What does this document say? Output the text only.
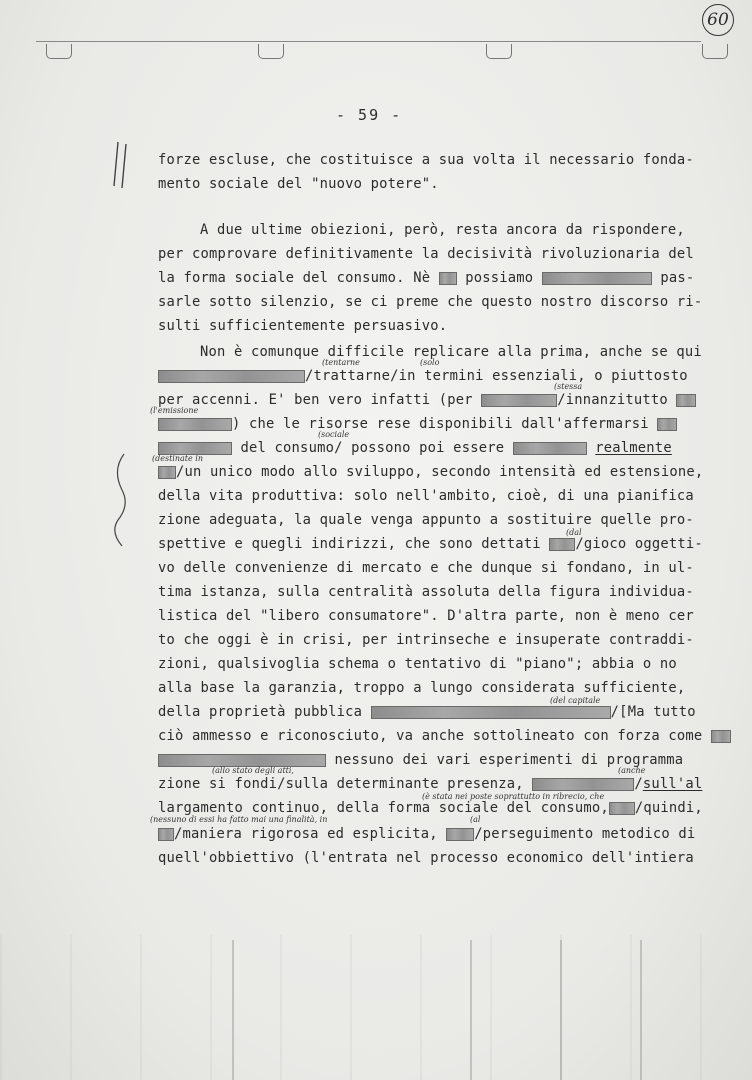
60
- 59 -
forze escluse, che costituisce a sua volta il necessario fonda-
mento sociale del "nuovo potere".
A due ultime obiezioni, però, resta ancora da rispondere,
per comprovare definitivamente la decisività rivoluzionaria del
la forma sociale del consumo. Nè	possiamo	pas-
sarle sotto silenzio, se ci preme che questo nostro discorso ri-
sulti sufficientemente persuasivo.
Non è comunque difficile replicare alla prima, anche se qui
(tentarne	(solo
/trattarne/in termini essenziali, o piuttosto
(stessa
per accenni. E' ben vero infatti (per	/innanzitutto
(l'emissione
) che le risorse rese disponibili dall'affermarsi
(sociale
del consumo/ possono poi essere	realmente
(destinate in
/un unico modo allo sviluppo, secondo intensità ed estensione,
della vita produttiva: solo nell'ambito, cioè, di una pianifica
zione adeguata, la quale venga appunto a sostituire quelle pro-
(dal
spettive e quegli indirizzi, che sono dettati	/gioco oggetti-
vo delle convenienze di mercato e che dunque si fondano, in ul-
tima istanza, sulla centralità assoluta della figura individua-
listica del "libero consumatore". D'altra parte, non è meno cer
to che oggi è in crisi, per intrinseche e insuperate contraddi-
zioni, qualsivoglia schema o tentativo di "piano"; abbia o no
alla base la garanzia, troppo a lungo considerata sufficiente,
(del capitale
della proprietà pubblica	/[Ma tutto
ciò ammesso e riconosciuto, va anche sottolineato con forza come
nessuno dei vari esperimenti di programma
(allo stato degli atti,	(anche
zione si fondi/sulla determinante presenza,	/sull'al
(è stata nei poste soprattutto in ribrecio, che
largamento continuo, della forma sociale del consumo, /quindi,
(nessuno di essi ha fatto mai una finalità, in	(al
/maniera rigorosa ed esplicita,	/perseguimento metodico di
quell'obbiettivo (l'entrata nel processo economico dell'intiera
